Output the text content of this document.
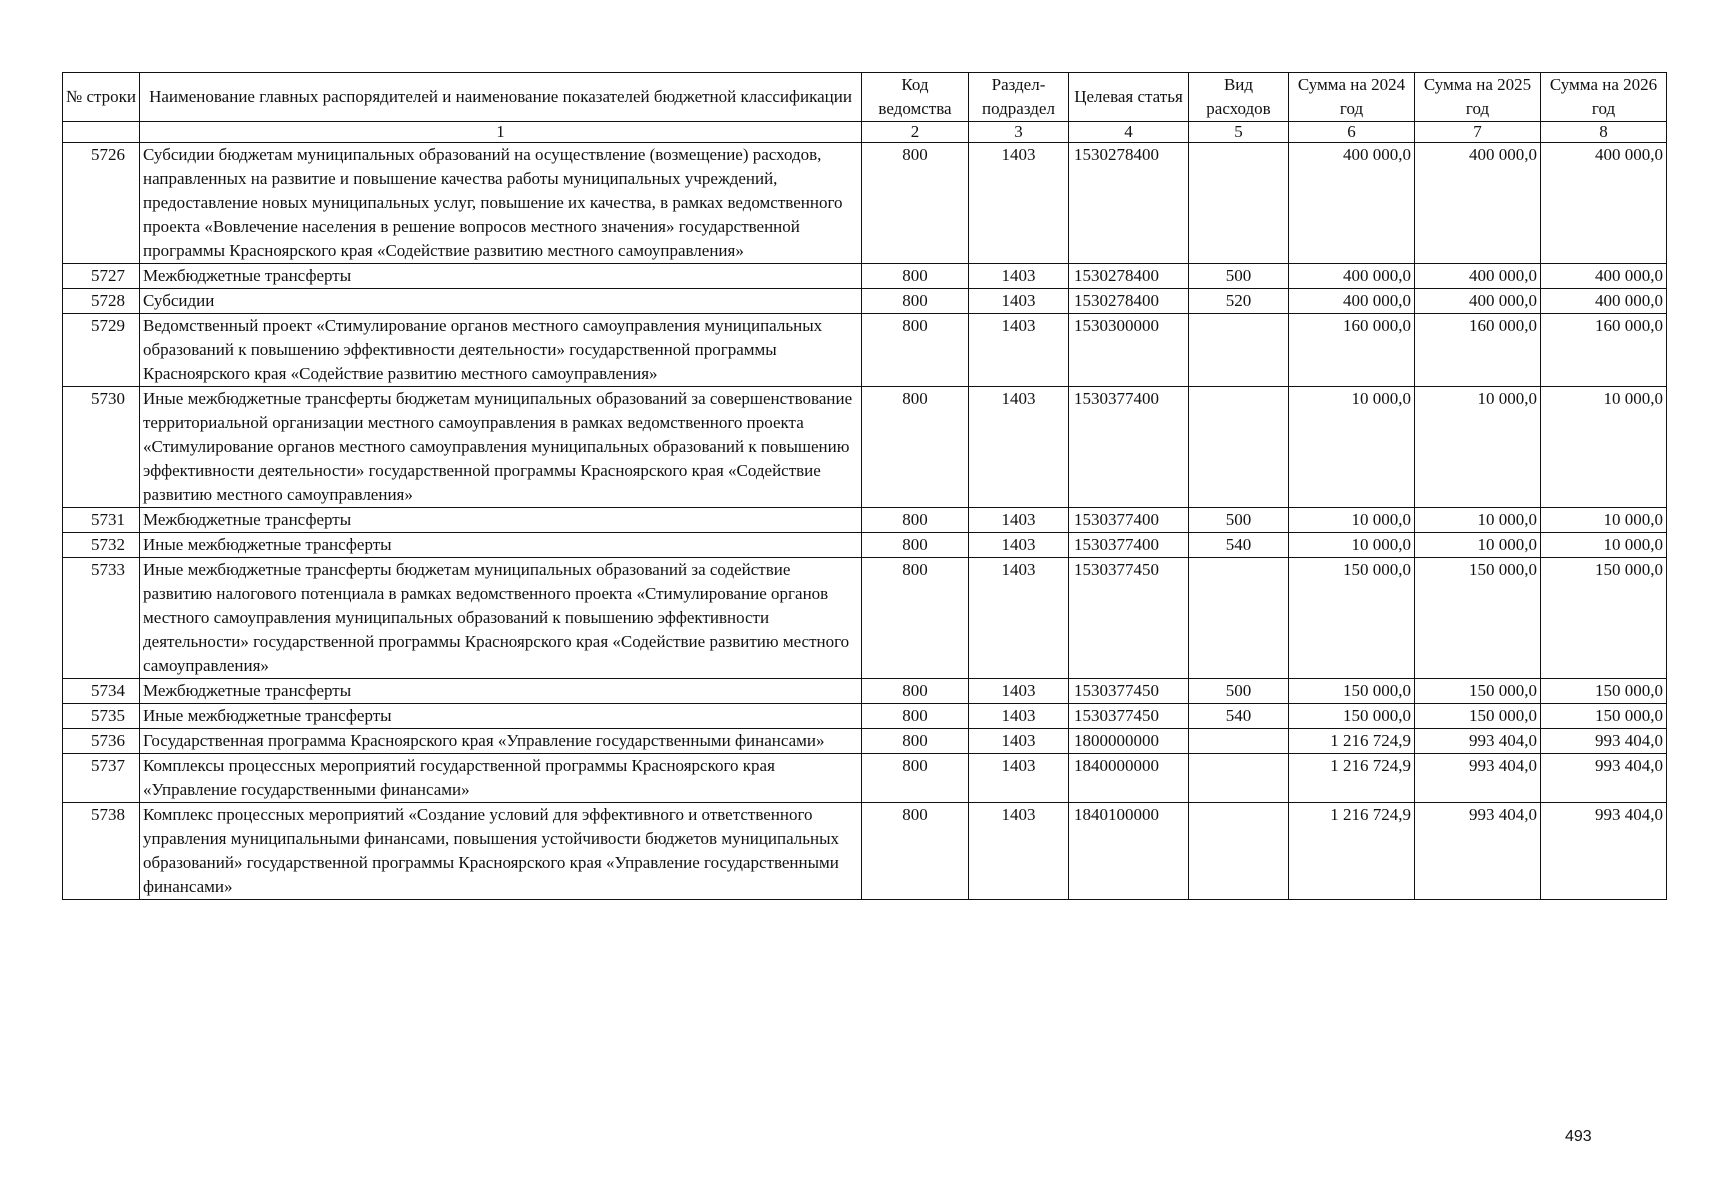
№ строки	Наименование главных распорядителей и наименование показателей бюджетной классификации	Код ведомства	Раздел-подраздел	Целевая статья	Вид расходов	Сумма на 2024 год	Сумма на 2025 год	Сумма на 2026 год
	1	2	3	4	5	6	7	8
5726	Субсидии бюджетам муниципальных образований на осуществление (возмещение) расходов, направленных на развитие и повышение качества работы муниципальных учреждений, предоставление новых муниципальных услуг, повышение их качества, в рамках ведомственного проекта «Вовлечение населения в решение вопросов местного значения» государственной программы Красноярского края «Содействие развитию местного самоуправления»	800	1403	1530278400		400 000,0	400 000,0	400 000,0
5727	Межбюджетные трансферты	800	1403	1530278400	500	400 000,0	400 000,0	400 000,0
5728	Субсидии	800	1403	1530278400	520	400 000,0	400 000,0	400 000,0
5729	Ведомственный проект «Стимулирование органов местного самоуправления муниципальных образований к повышению эффективности деятельности» государственной программы Красноярского края «Содействие развитию местного самоуправления»	800	1403	1530300000		160 000,0	160 000,0	160 000,0
5730	Иные межбюджетные трансферты бюджетам муниципальных образований за совершенствование территориальной организации местного самоуправления в рамках ведомственного проекта «Стимулирование органов местного самоуправления муниципальных образований к повышению эффективности деятельности» государственной программы Красноярского края «Содействие развитию местного самоуправления»	800	1403	1530377400		10 000,0	10 000,0	10 000,0
5731	Межбюджетные трансферты	800	1403	1530377400	500	10 000,0	10 000,0	10 000,0
5732	Иные межбюджетные трансферты	800	1403	1530377400	540	10 000,0	10 000,0	10 000,0
5733	Иные межбюджетные трансферты бюджетам муниципальных образований за содействие развитию налогового потенциала в рамках ведомственного проекта «Стимулирование органов местного самоуправления муниципальных образований к повышению эффективности деятельности» государственной программы Красноярского края «Содействие развитию местного самоуправления»	800	1403	1530377450		150 000,0	150 000,0	150 000,0
5734	Межбюджетные трансферты	800	1403	1530377450	500	150 000,0	150 000,0	150 000,0
5735	Иные межбюджетные трансферты	800	1403	1530377450	540	150 000,0	150 000,0	150 000,0
5736	Государственная программа Красноярского края «Управление государственными финансами»	800	1403	1800000000		1 216 724,9	993 404,0	993 404,0
5737	Комплексы процессных мероприятий государственной программы Красноярского края «Управление государственными финансами»	800	1403	1840000000		1 216 724,9	993 404,0	993 404,0
5738	Комплекс процессных мероприятий «Создание условий для эффективного и ответственного управления муниципальными финансами, повышения устойчивости бюджетов муниципальных образований» государственной программы Красноярского края «Управление государственными финансами»	800	1403	1840100000		1 216 724,9	993 404,0	993 404,0
493
